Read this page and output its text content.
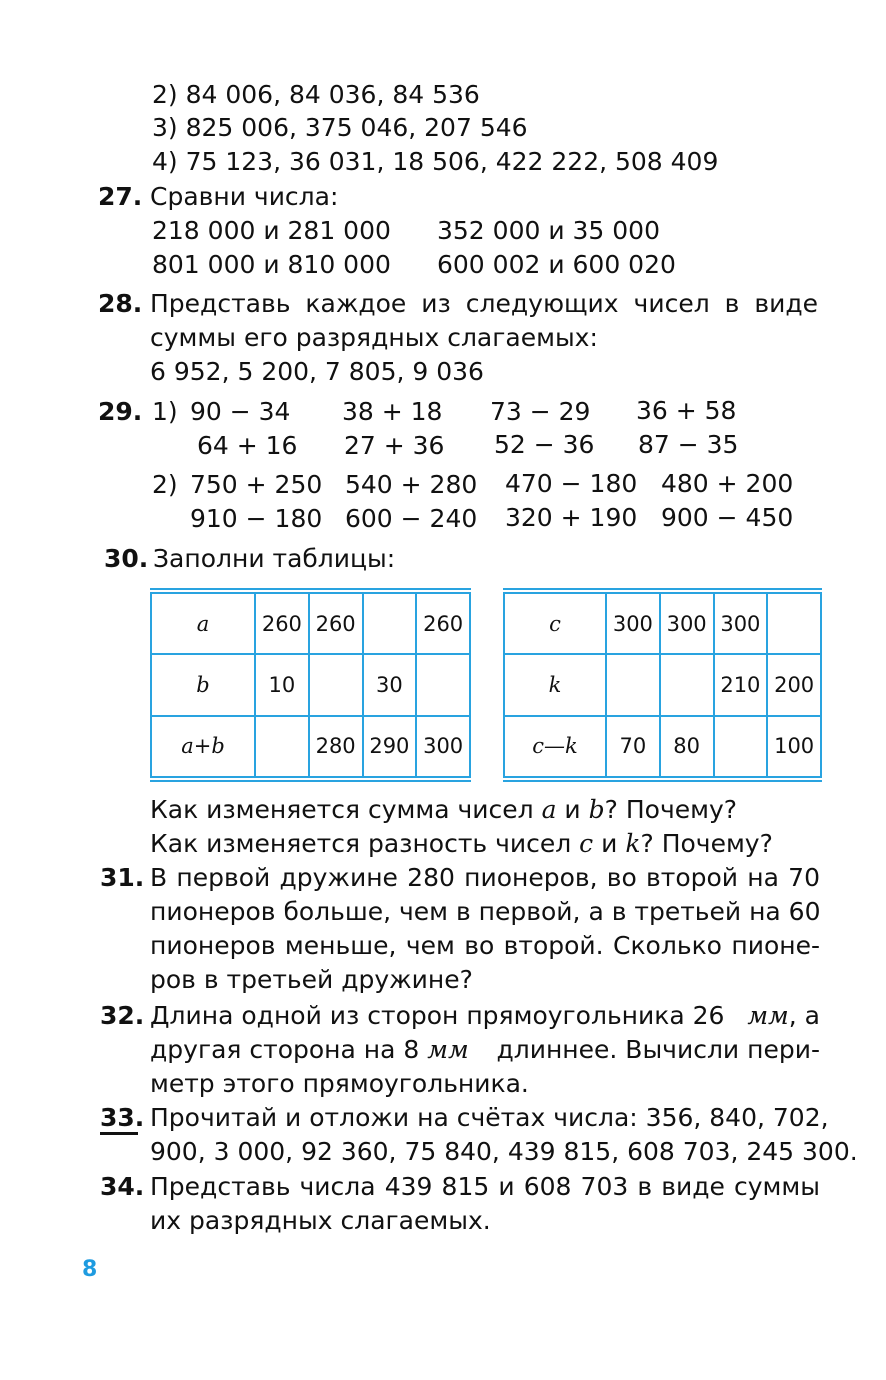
2) 84 006, 84 036, 84 536
3) 825 006, 375 046, 207 546
4) 75 123, 36 031, 18 506, 422 222, 508 409
27. Сравни числа:
218 000 и 281 000 352 000 и 35 000
801 000 и 810 000 600 002 и 600 020
28. Представь каждое из следующих чисел в виде
суммы его разрядных слагаемых:
6 952, 5 200, 7 805, 9 036
29. 1) 90 − 34 38 + 18 73 − 29 36 + 58
64 + 16 27 + 36 52 − 36 87 − 35
2) 750 + 250 540 + 280 470 − 180 480 + 200
910 − 180 600 − 240 320 + 190 900 − 450
30. Заполни таблицы:
a	260	260		260
b	10		30	
a+b		280	290	300
c	300	300	300	
k			210	200
c—k	70	80		100
Как изменяется сумма чисел a и b? Почему?
Как изменяется разность чисел c и k? Почему?
31. В первой дружине 280 пионеров, во второй на 70
пионеров больше, чем в первой, а в третьей на 60
пионеров меньше, чем во второй. Сколько пионе-
ров в третьей дружине?
32. Длина одной из сторон прямоугольника 26 мм, а
другая сторона на 8 мм длиннее. Вычисли пери-
метр этого прямоугольника.
33. Прочитай и отложи на счётах числа: 356, 840, 702,
900, 3 000, 92 360, 75 840, 439 815, 608 703, 245 300.
34. Представь числа 439 815 и 608 703 в виде суммы
их разрядных слагаемых.
8
